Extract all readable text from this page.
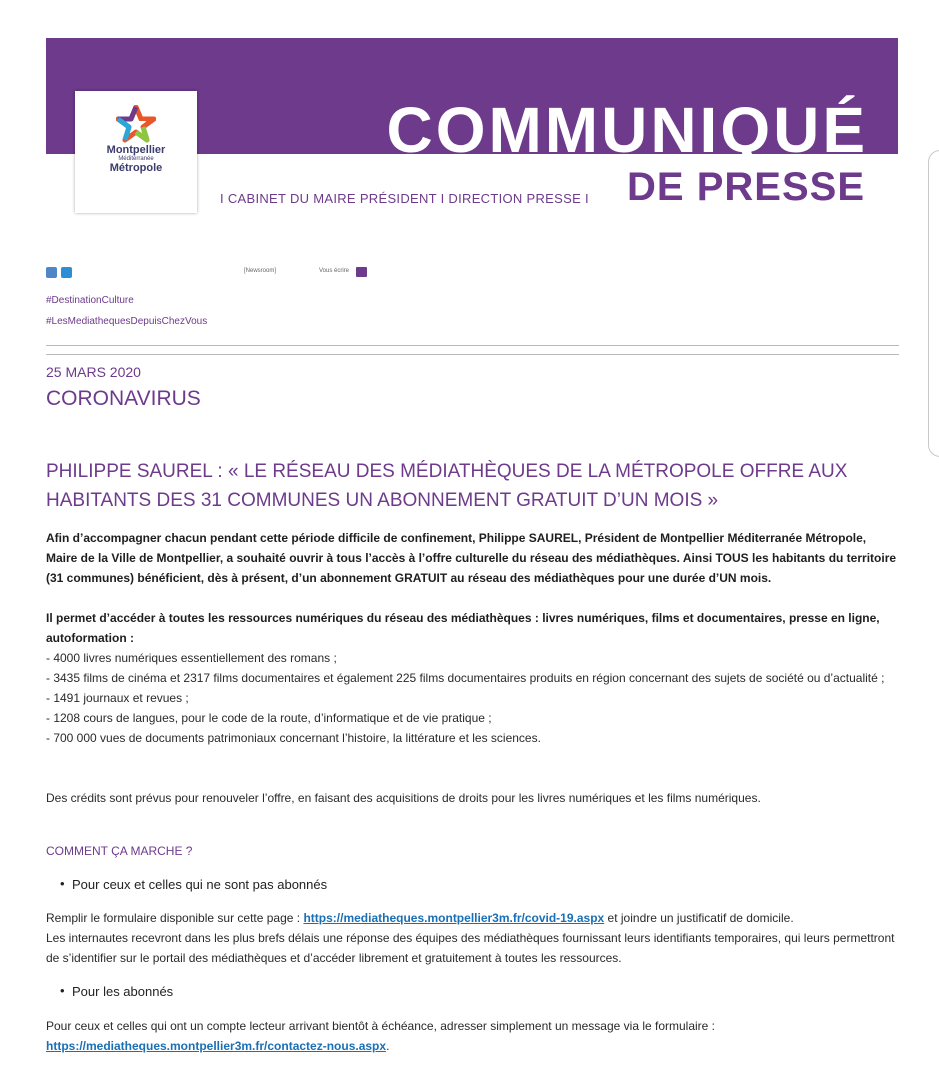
COMMUNIQUÉ
Montpellier
Méditerranée
Métropole
I CABINET DU MAIRE PRÉSIDENT I DIRECTION PRESSE I DE PRESSE
[Newsroom]	Vous écrire
#DestinationCulture
#LesMediathequesDepuisChezVous
25 MARS 2020
CORONAVIRUS
PHILIPPE SAUREL : « LE RÉSEAU DES MÉDIATHÈQUES DE LA MÉTROPOLE OFFRE AUX HABITANTS DES 31 COMMUNES UN ABONNEMENT GRATUIT D’UN MOIS »
Afin d’accompagner chacun pendant cette période difficile de confinement, Philippe SAUREL, Président de Montpellier Méditerranée Métropole, Maire de la Ville de Montpellier, a souhaité ouvrir à tous l’accès à l’offre culturelle du réseau des médiathèques. Ainsi TOUS les habitants du territoire (31 communes) bénéficient, dès à présent, d’un abonnement GRATUIT au réseau des médiathèques pour une durée d’UN mois.
Il permet d’accéder à toutes les ressources numériques du réseau des médiathèques : livres numériques, films et documentaires, presse en ligne, autoformation :
- 4000 livres numériques essentiellement des romans ;
- 3435 films de cinéma et 2317 films documentaires et également 225 films documentaires produits en région concernant des sujets de société ou d’actualité ;
- 1491 journaux et revues ;
- 1208 cours de langues, pour le code de la route, d’informatique et de vie pratique ;
- 700 000 vues de documents patrimoniaux concernant l’histoire, la littérature et les sciences.
Des crédits sont prévus pour renouveler l’offre, en faisant des acquisitions de droits pour les livres numériques et les films numériques.
COMMENT ÇA MARCHE ?
• Pour ceux et celles qui ne sont pas abonnés
Remplir le formulaire disponible sur cette page : https://mediatheques.montpellier3m.fr/covid-19.aspx et joindre un justificatif de domicile.
Les internautes recevront dans les plus brefs délais une réponse des équipes des médiathèques fournissant leurs identifiants temporaires, qui leurs permettront de s’identifier sur le portail des médiathèques et d’accéder librement et gratuitement à toutes les ressources.
• Pour les abonnés
Pour ceux et celles qui ont un compte lecteur arrivant bientôt à échéance, adresser simplement un message via le formulaire :
https://mediatheques.montpellier3m.fr/contactez-nous.aspx.
